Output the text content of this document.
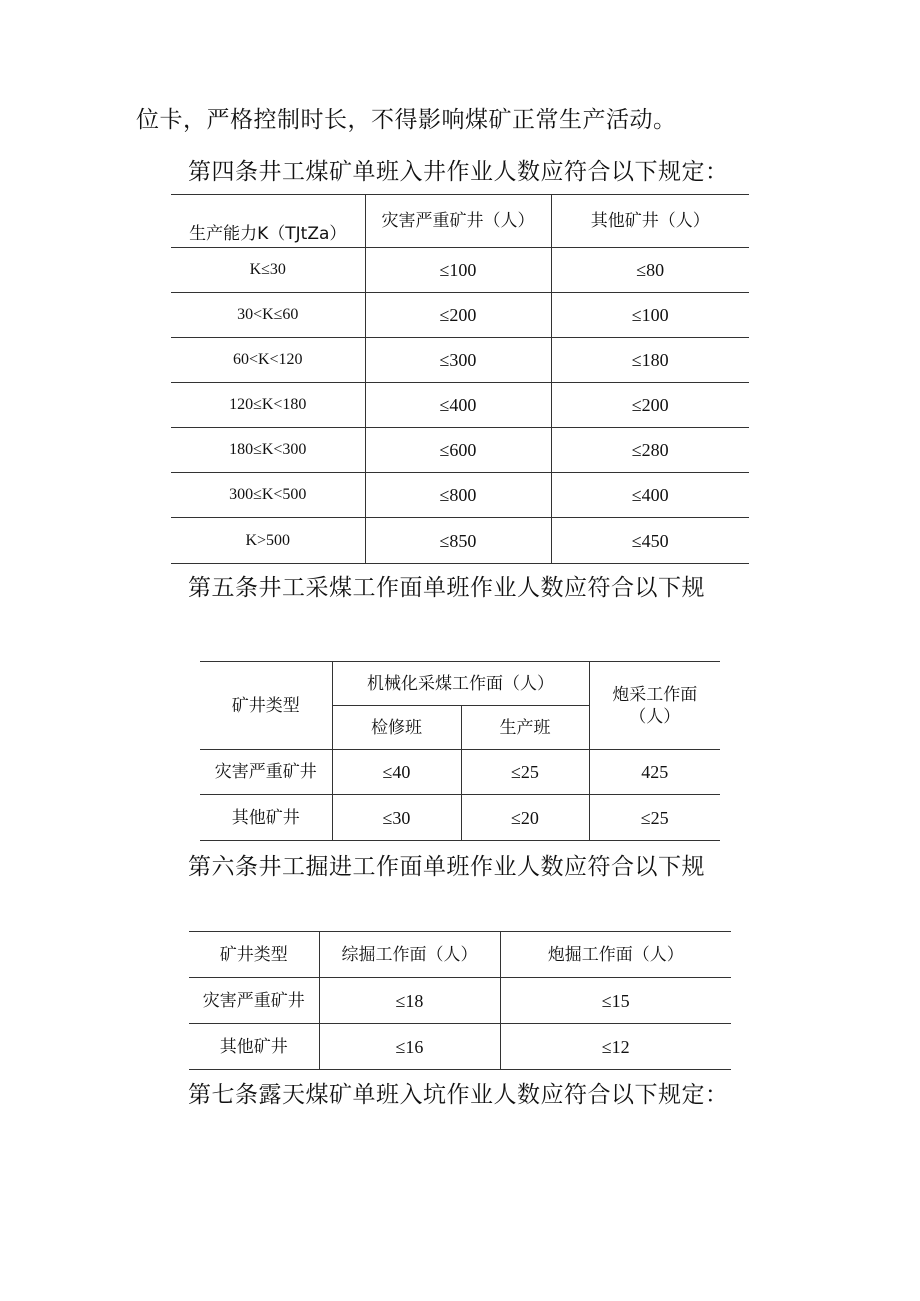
位卡，严格控制时长，不得影响煤矿正常生产活动。

第四条井工煤矿单班入井作业人数应符合以下规定：

生产能力K（TJtZa）	灾害严重矿井（人）	其他矿井（人）
K≤30	≤100	≤80
30<K≤60	≤200	≤100
60<K<120	≤300	≤180
120≤K<180	≤400	≤200
180≤K<300	≤600	≤280
300≤K<500	≤800	≤400
K>500	≤850	≤450

第五条井工采煤工作面单班作业人数应符合以下规

矿井类型	机械化采煤工作面（人）		炮采工作面（人）
	检修班	生产班	
灾害严重矿井	≤40	≤25	425
其他矿井	≤30	≤20	≤25

第六条井工掘进工作面单班作业人数应符合以下规

矿井类型	综掘工作面（人）	炮掘工作面（人）
灾害严重矿井	≤18	≤15
其他矿井	≤16	≤12

第七条露天煤矿单班入坑作业人数应符合以下规定：
